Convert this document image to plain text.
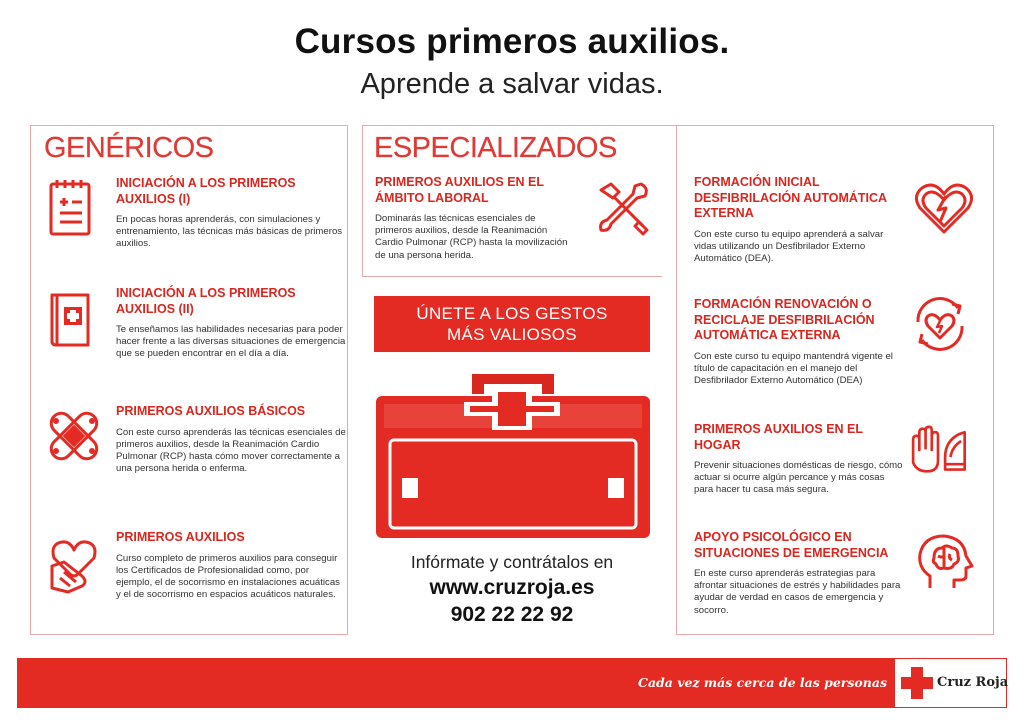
Cursos primeros auxilios.
Aprende a salvar vidas.
GENÉRICOS	ESPECIALIZADOS
INICIACIÓN A LOS PRIMEROS AUXILIOS (I)
En pocas horas aprenderás, con simulaciones y entrenamiento, las técnicas más básicas de primeros auxilios.
INICIACIÓN A LOS PRIMEROS AUXILIOS (II)
Te enseñamos las habilidades necesarias para poder hacer frente a las diversas situaciones de emergencia que se pueden encontrar en el día a día.
PRIMEROS AUXILIOS BÁSICOS
Con este curso aprenderás las técnicas esenciales de primeros auxilios, desde la Reanimación Cardio Pulmonar (RCP) hasta cómo mover correctamente a una persona herida o enferma.
PRIMEROS AUXILIOS
Curso completo de primeros auxilios para conseguir los Certificados de Profesionalidad como, por ejemplo, el de socorrismo en instalaciones acuáticas y el de socorrismo en espacios acuáticos naturales.
PRIMEROS AUXILIOS EN EL ÁMBITO LABORAL
Dominarás las técnicas esenciales de primeros auxilios, desde la Reanimación Cardio Pulmonar (RCP) hasta la movilización de una persona herida.
ÚNETE A LOS GESTOS
MÁS VALIOSOS
Infórmate y contrátalos en
www.cruzroja.es
902 22 22 92
FORMACIÓN INICIAL DESFIBRILACIÓN AUTOMÁTICA EXTERNA
Con este curso tu equipo aprenderá a salvar vidas utilizando un Desfibrilador Externo Automático (DEA).
FORMACIÓN RENOVACIÓN O RECICLAJE DESFIBRILACIÓN AUTOMÁTICA EXTERNA
Con este curso tu equipo mantendrá vigente el título de capacitación en el manejo del Desfibrilador Externo Automático (DEA)
PRIMEROS AUXILIOS EN EL HOGAR
Prevenir situaciones domésticas de riesgo, cómo actuar si ocurre algún percance y más cosas para hacer tu casa más segura.
APOYO PSICOLÓGICO EN SITUACIONES DE EMERGENCIA
En este curso aprenderás estrategias para afrontar situaciones de estrés y habilidades para ayudar de verdad en casos de emergencia y socorro.
Cada vez más cerca de las personas	Cruz Roja
